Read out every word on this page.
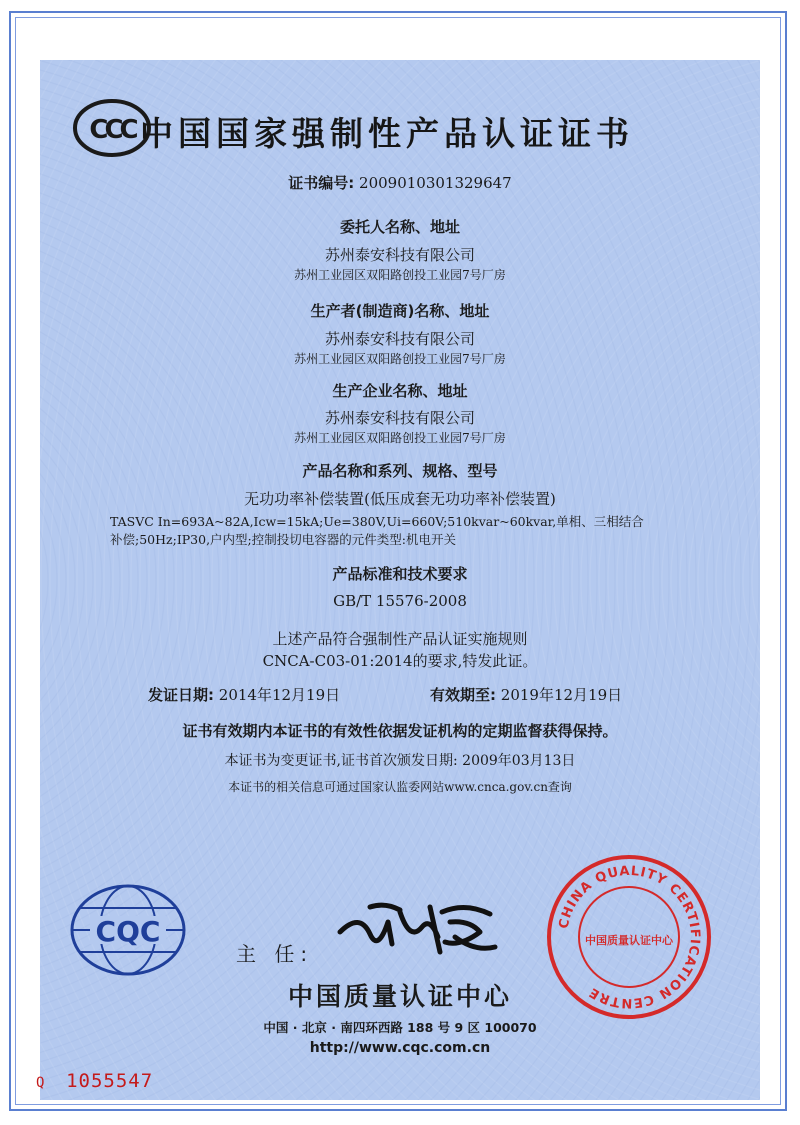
CCC 中国国家强制性产品认证证书
证书编号: 2009010301329647
委托人名称、地址
苏州泰安科技有限公司
苏州工业园区双阳路创投工业园7号厂房
生产者(制造商)名称、地址
苏州泰安科技有限公司
苏州工业园区双阳路创投工业园7号厂房
生产企业名称、地址
苏州泰安科技有限公司
苏州工业园区双阳路创投工业园7号厂房
产品名称和系列、规格、型号
无功功率补偿装置(低压成套无功功率补偿装置)
TASVC In=693A~82A,Icw=15kA;Ue=380V,Ui=660V;510kvar~60kvar,单相、三相结合
补偿;50Hz;IP30,户内型;控制投切电容器的元件类型:机电开关
产品标准和技术要求
GB/T 15576-2008
上述产品符合强制性产品认证实施规则
CNCA-C03-01:2014的要求,特发此证。
发证日期: 2014年12月19日	有效期至: 2019年12月19日
证书有效期内本证书的有效性依据发证机构的定期监督获得保持。
本证书为变更证书,证书首次颁发日期: 2009年03月13日
本证书的相关信息可通过国家认监委网站www.cnca.gov.cn查询
CQC
主 任:
中国质量认证中心
中国 · 北京 · 南四环西路 188 号 9 区 100070
http://www.cqc.com.cn
CHINA QUALITY CERTIFICATION CENTRE
中国质量认证中心
Q 1055547
